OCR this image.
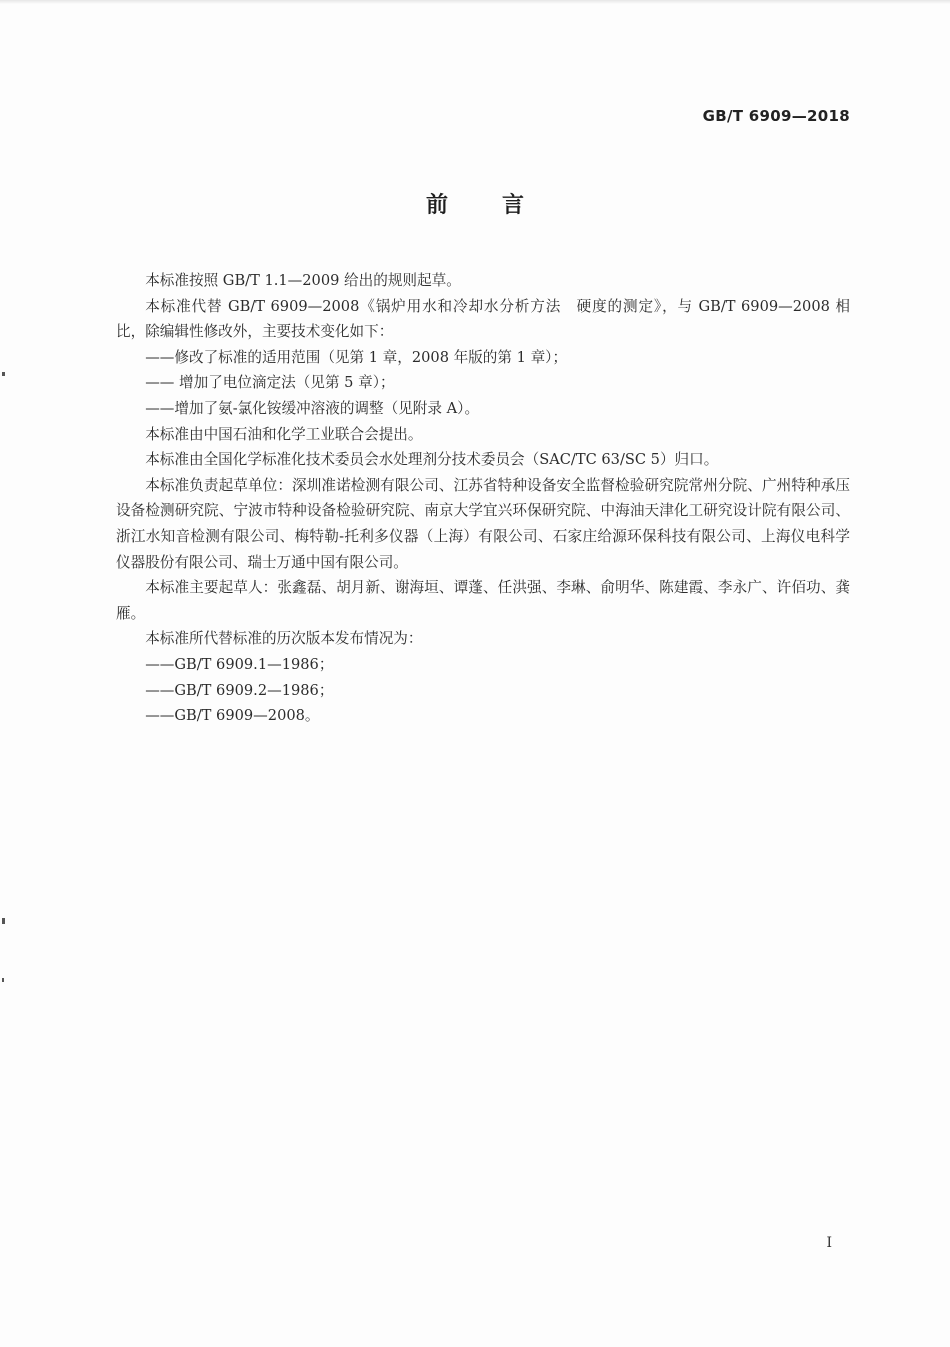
GB/T 6909—2018
前 言

本标准按照 GB/T 1.1—2009 给出的规则起草。

本标准代替 GB/T 6909—2008《锅炉用水和冷却水分析方法　硬度的测定》，与 GB/T 6909—2008 相比，除编辑性修改外，主要技术变化如下：

——修改了标准的适用范围（见第 1 章，2008 年版的第 1 章）；

—— 增加了电位滴定法（见第 5 章）；

——增加了氨-氯化铵缓冲溶液的调整（见附录 A）。

本标准由中国石油和化学工业联合会提出。

本标准由全国化学标准化技术委员会水处理剂分技术委员会（SAC/TC 63/SC 5）归口。

本标准负责起草单位：深圳准诺检测有限公司、江苏省特种设备安全监督检验研究院常州分院、广州特种承压设备检测研究院、宁波市特种设备检验研究院、南京大学宜兴环保研究院、中海油天津化工研究设计院有限公司、浙江水知音检测有限公司、梅特勒-托利多仪器（上海）有限公司、石家庄给源环保科技有限公司、上海仪电科学仪器股份有限公司、瑞士万通中国有限公司。

本标准主要起草人：张鑫磊、胡月新、谢海垣、谭蓬、任洪强、李琳、俞明华、陈建霞、李永广、许佰功、龚雁。

本标准所代替标准的历次版本发布情况为：

——GB/T 6909.1—1986；

——GB/T 6909.2—1986；

——GB/T 6909—2008。

I
